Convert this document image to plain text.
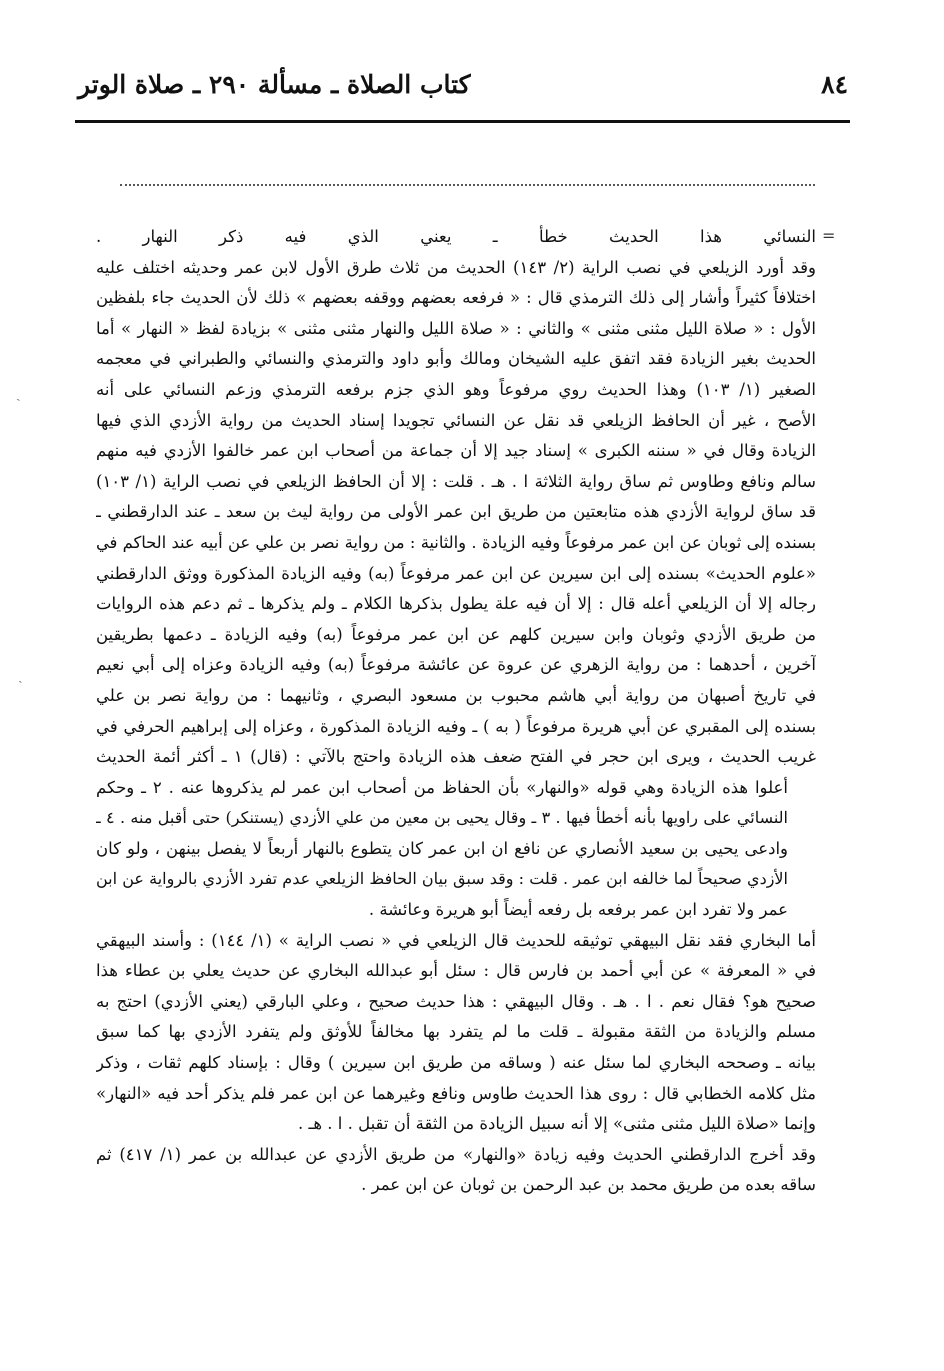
٨٤
كتاب الصلاة ـ مسألة ٢٩٠ ـ صلاة الوتر
=
ˎ
ˎ
النسائي هذا الحديث خطأ ـ يعني الذي فيه ذكر النهار .
وقد أورد الزيلعي في نصب الراية (٢/ ١٤٣) الحديث من ثلاث طرق الأول لابن عمر وحديثه اختلف عليه
اختلافاً كثيراً وأشار إلى ذلك الترمذي قال : « فرفعه بعضهم ووقفه بعضهم » ذلك لأن الحديث جاء بلفظين
الأول : « صلاة الليل مثنى مثنى » والثاني : « صلاة الليل والنهار مثنى مثنى » بزيادة لفظ « النهار » أما
الحديث بغير الزيادة فقد اتفق عليه الشيخان ومالك وأبو داود والترمذي والنسائي والطبراني في معجمه
الصغير (١/ ١٠٣) وهذا الحديث روي مرفوعاً وهو الذي جزم برفعه الترمذي وزعم النسائي على أنه
الأصح ، غير أن الحافظ الزيلعي قد نقل عن النسائي تجويدا إسناد الحديث من رواية الأزدي الذي فيها
الزيادة وقال في « سننه الكبرى » إسناد جيد إلا أن جماعة من أصحاب ابن عمر خالفوا الأزدي فيه منهم
سالم ونافع وطاوس ثم ساق رواية الثلاثة ا . هـ . قلت : إلا أن الحافظ الزيلعي في نصب الراية (١/ ١٠٣)
قد ساق لرواية الأزدي هذه متابعتين من طريق ابن عمر الأولى من رواية ليث بن سعد ـ عند الدارقطني ـ
بسنده إلى ثوبان عن ابن عمر مرفوعاً وفيه الزيادة . والثانية : من رواية نصر بن علي عن أبيه عند الحاكم في
«علوم الحديث» بسنده إلى ابن سيرين عن ابن عمر مرفوعاً (به) وفيه الزيادة المذكورة ووثق الدارقطني
رجاله إلا أن الزيلعي أعله قال : إلا أن فيه علة يطول بذكرها الكلام ـ ولم يذكرها ـ ثم دعم هذه الروايات
من طريق الأزدي وثوبان وابن سيرين كلهم عن ابن عمر مرفوعاً (به) وفيه الزيادة ـ دعمها بطريقين
آخرين ، أحدهما : من رواية الزهري عن عروة عن عائشة مرفوعاً (به) وفيه الزيادة وعزاه إلى أبي نعيم
في تاريخ أصبهان من رواية أبي هاشم محبوب بن مسعود البصري ، وثانيهما : من رواية نصر بن علي
بسنده إلى المقبري عن أبي هريرة مرفوعاً ( به ) ـ وفيه الزيادة المذكورة ، وعزاه إلى إبراهيم الحرفي في
غريب الحديث ، ويرى ابن حجر في الفتح ضعف هذه الزيادة واحتج بالآتي : (قال) ١ ـ أكثر أئمة الحديث
أعلوا هذه الزيادة وهي قوله «والنهار» بأن الحفاظ من أصحاب ابن عمر لم يذكروها عنه . ٢ ـ وحكم
النسائي على راويها بأنه أخطأ فيها . ٣ ـ وقال يحيى بن معين من علي الأزدي (يستنكر) حتى أقبل منه . ٤ ـ
وادعى يحيى بن سعيد الأنصاري عن نافع ان ابن عمر كان يتطوع بالنهار أربعاً لا يفصل بينهن ، ولو كان
الأزدي صحيحاً لما خالفه ابن عمر . قلت : وقد سبق بيان الحافظ الزيلعي عدم تفرد الأزدي بالرواية عن ابن
عمر ولا تفرد ابن عمر برفعه بل رفعه أيضاً أبو هريرة وعائشة .
أما البخاري فقد نقل البيهقي توثيقه للحديث قال الزيلعي في « نصب الراية » (١/ ١٤٤) : وأسند البيهقي
في « المعرفة » عن أبي أحمد بن فارس قال : سئل أبو عبدالله البخاري عن حديث يعلي بن عطاء هذا
صحيح هو؟ فقال نعم . ا . هـ . وقال البيهقي : هذا حديث صحيح ، وعلي البارقي (يعني الأزدي) احتج به
مسلم والزيادة من الثقة مقبولة ـ قلت ما لم يتفرد بها مخالفاً للأوثق ولم يتفرد الأزدي بها كما سبق
بيانه ـ وصححه البخاري لما سئل عنه ( وساقه من طريق ابن سيرين ) وقال : بإسناد كلهم ثقات ، وذكر
مثل كلامه الخطابي قال : روى هذا الحديث طاوس ونافع وغيرهما عن ابن عمر فلم يذكر أحد فيه «النهار»
وإنما «صلاة الليل مثنى مثنى» إلا أنه سبيل الزيادة من الثقة أن تقبل . ا . هـ .
وقد أخرج الدارقطني الحديث وفيه زيادة «والنهار» من طريق الأزدي عن عبدالله بن عمر (١/ ٤١٧) ثم
ساقه بعده من طريق محمد بن عبد الرحمن بن ثوبان عن ابن عمر .
